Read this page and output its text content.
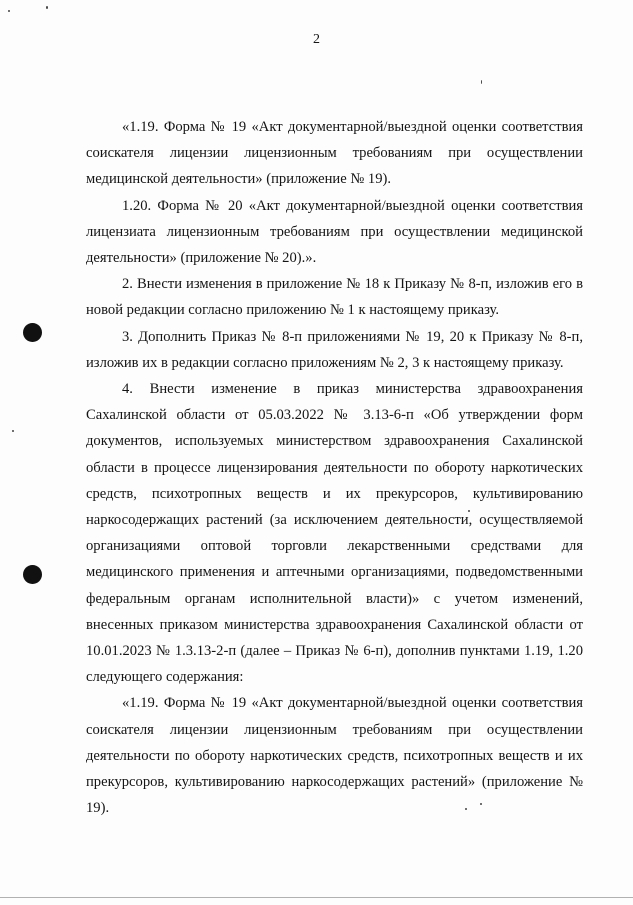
2

«1.19. Форма № 19 «Акт документарной/выездной оценки соответствия соискателя лицензии лицензионным требованиям при осуществлении медицинской деятельности» (приложение № 19).

1.20. Форма № 20 «Акт документарной/выездной оценки соответствия лицензиата лицензионным требованиям при осуществлении медицинской деятельности» (приложение № 20).».

2. Внести изменения в приложение № 18 к Приказу № 8-п, изложив его в новой редакции согласно приложению № 1 к настоящему приказу.

3. Дополнить Приказ № 8-п приложениями № 19, 20 к Приказу № 8-п, изложив их в редакции согласно приложениям № 2, 3 к настоящему приказу.

4. Внести изменение в приказ министерства здравоохранения Сахалинской области от 05.03.2022 № 3.13-6-п «Об утверждении форм документов, используемых министерством здравоохранения Сахалинской области в процессе лицензирования деятельности по обороту наркотических средств, психотропных веществ и их прекурсоров, культивированию наркосодержащих растений (за исключением деятельности, осуществляемой организациями оптовой торговли лекарственными средствами для медицинского применения и аптечными организациями, подведомственными федеральным органам исполнительной власти)» с учетом изменений, внесенных приказом министерства здравоохранения Сахалинской области от 10.01.2023 № 1.3.13-2-п (далее – Приказ № 6-п), дополнив пунктами 1.19, 1.20 следующего содержания:

«1.19. Форма № 19 «Акт документарной/выездной оценки соответствия соискателя лицензии лицензионным требованиям при осуществлении деятельности по обороту наркотических средств, психотропных веществ и их прекурсоров, культивированию наркосодержащих растений» (приложение № 19).
